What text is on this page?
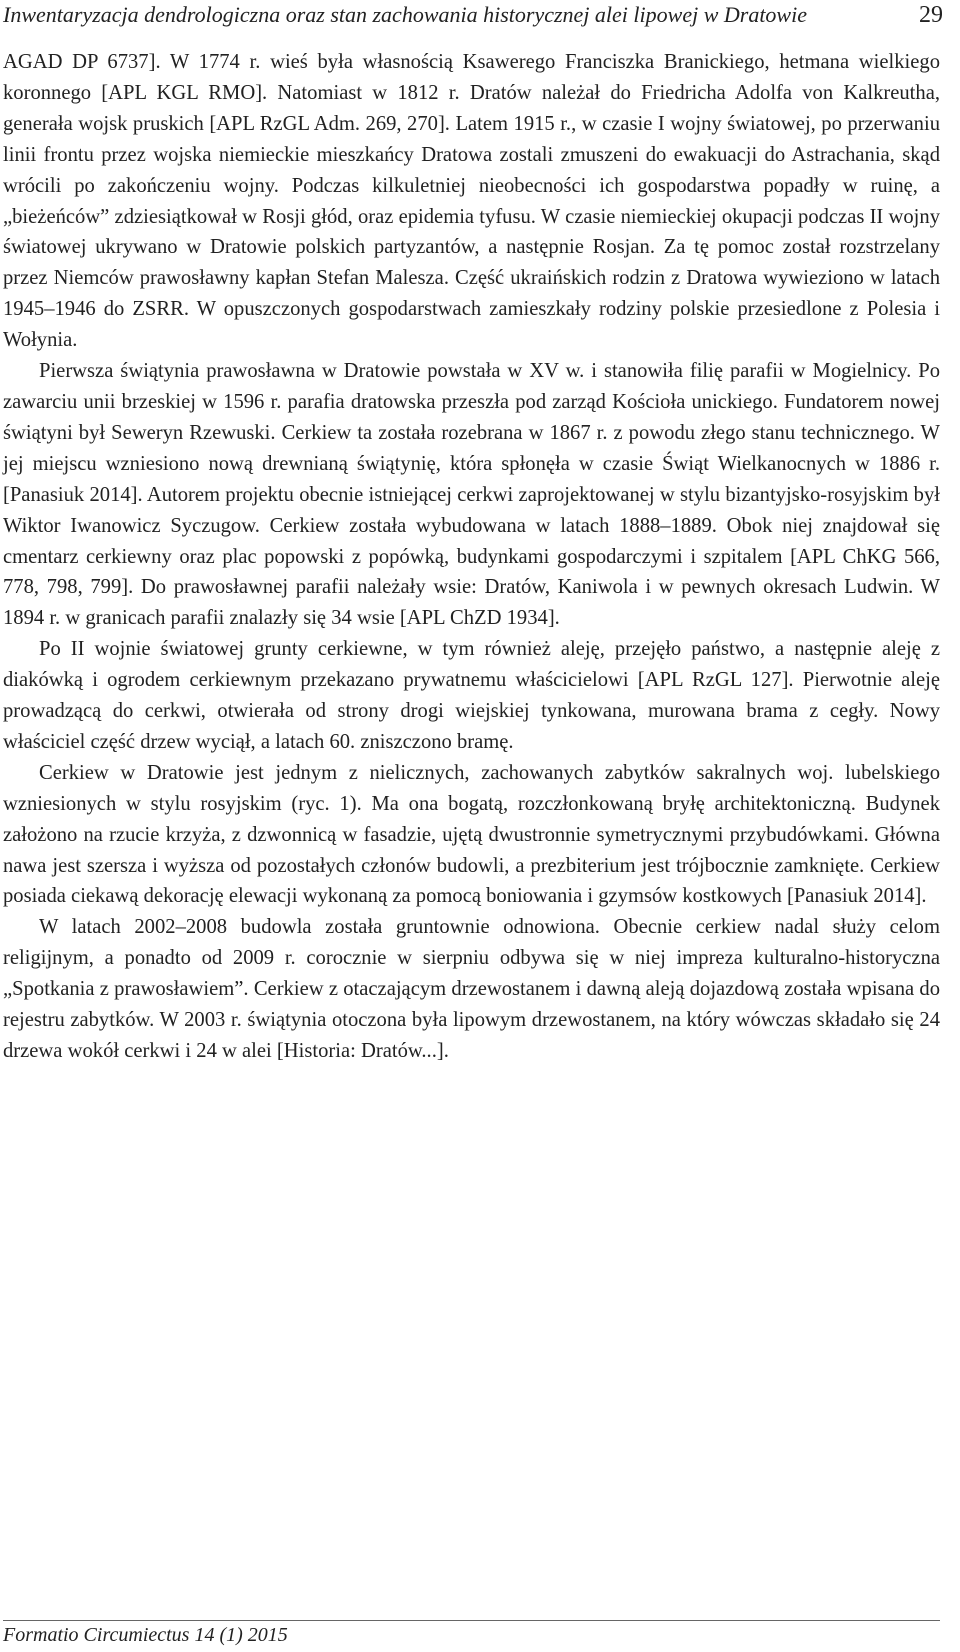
Inwentaryzacja dendrologiczna oraz stan zachowania historycznej alei lipowej w Dratowie	29

AGAD DP 6737]. W 1774 r. wieś była własnością Ksawerego Franciszka Branickiego, hetmana wielkiego koronnego [APL KGL RMO]. Natomiast w 1812 r. Dratów należał do Friedricha Adolfa von Kalkreutha, generała wojsk pruskich [APL RzGL Adm. 269, 270]. Latem 1915 r., w czasie I wojny światowej, po przerwaniu linii frontu przez wojska niemieckie mieszkańcy Dratowa zostali zmuszeni do ewakuacji do Astrachania, skąd wrócili po zakończeniu wojny. Podczas kilkuletniej nieobecności ich gospodarstwa popadły w ruinę, a „bieżeńców” zdziesiątkował w Rosji głód, oraz epidemia tyfusu. W czasie niemieckiej okupacji podczas II wojny światowej ukrywano w Dratowie polskich partyzantów, a następnie Rosjan. Za tę pomoc został rozstrzelany przez Niemców prawosławny kapłan Stefan Malesza. Część ukraińskich rodzin z Dratowa wywieziono w latach 1945–1946 do ZSRR. W opuszczonych gospodarstwach zamieszkały rodziny polskie przesiedlone z Polesia i Wołynia.

Pierwsza świątynia prawosławna w Dratowie powstała w XV w. i stanowiła filię parafii w Mogielnicy. Po zawarciu unii brzeskiej w 1596 r. parafia dratowska przeszła pod zarząd Kościoła unickiego. Fundatorem nowej świątyni był Seweryn Rzewuski. Cerkiew ta została rozebrana w 1867 r. z powodu złego stanu technicznego. W jej miejscu wzniesiono nową drewnianą świątynię, która spłonęła w czasie Świąt Wielkanocnych w 1886 r. [Panasiuk 2014]. Autorem projektu obecnie istniejącej cerkwi zaprojektowanej w stylu bizantyjsko-rosyjskim był Wiktor Iwanowicz Syczugow. Cerkiew została wybudowana w latach 1888–1889. Obok niej znajdował się cmentarz cerkiewny oraz plac popowski z popówką, budynkami gospodarczymi i szpitalem [APL ChKG 566, 778, 798, 799]. Do prawosławnej parafii należały wsie: Dratów, Kaniwola i w pewnych okresach Ludwin. W 1894 r. w granicach parafii znalazły się 34 wsie [APL ChZD 1934].

Po II wojnie światowej grunty cerkiewne, w tym również aleję, przejęło państwo, a następnie aleję z diakówką i ogrodem cerkiewnym przekazano prywatnemu właścicielowi [APL RzGL 127]. Pierwotnie aleję prowadzącą do cerkwi, otwierała od strony drogi wiejskiej tynkowana, murowana brama z cegły. Nowy właściciel część drzew wyciął, a latach 60. zniszczono bramę.

Cerkiew w Dratowie jest jednym z nielicznych, zachowanych zabytków sakralnych woj. lubelskiego wzniesionych w stylu rosyjskim (ryc. 1). Ma ona bogatą, rozczłonkowaną bryłę architektoniczną. Budynek założono na rzucie krzyża, z dzwonnicą w fasadzie, ujętą dwustronnie symetrycznymi przybudówkami. Główna nawa jest szersza i wyższa od pozostałych członów budowli, a prezbiterium jest trójbocznie zamknięte. Cerkiew posiada ciekawą dekorację elewacji wykonaną za pomocą boniowania i gzymsów kostkowych [Panasiuk 2014].

W latach 2002–2008 budowla została gruntownie odnowiona. Obecnie cerkiew nadal służy celom religijnym, a ponadto od 2009 r. corocznie w sierpniu odbywa się w niej impreza kulturalno-historyczna „Spotkania z prawosławiem”. Cerkiew z otaczającym drzewostanem i dawną aleją dojazdową została wpisana do rejestru zabytków. W 2003 r. świątynia otoczona była lipowym drzewostanem, na który wówczas składało się 24 drzewa wokół cerkwi i 24 w alei [Historia: Dratów...].

Formatio Circumiectus 14 (1) 2015
